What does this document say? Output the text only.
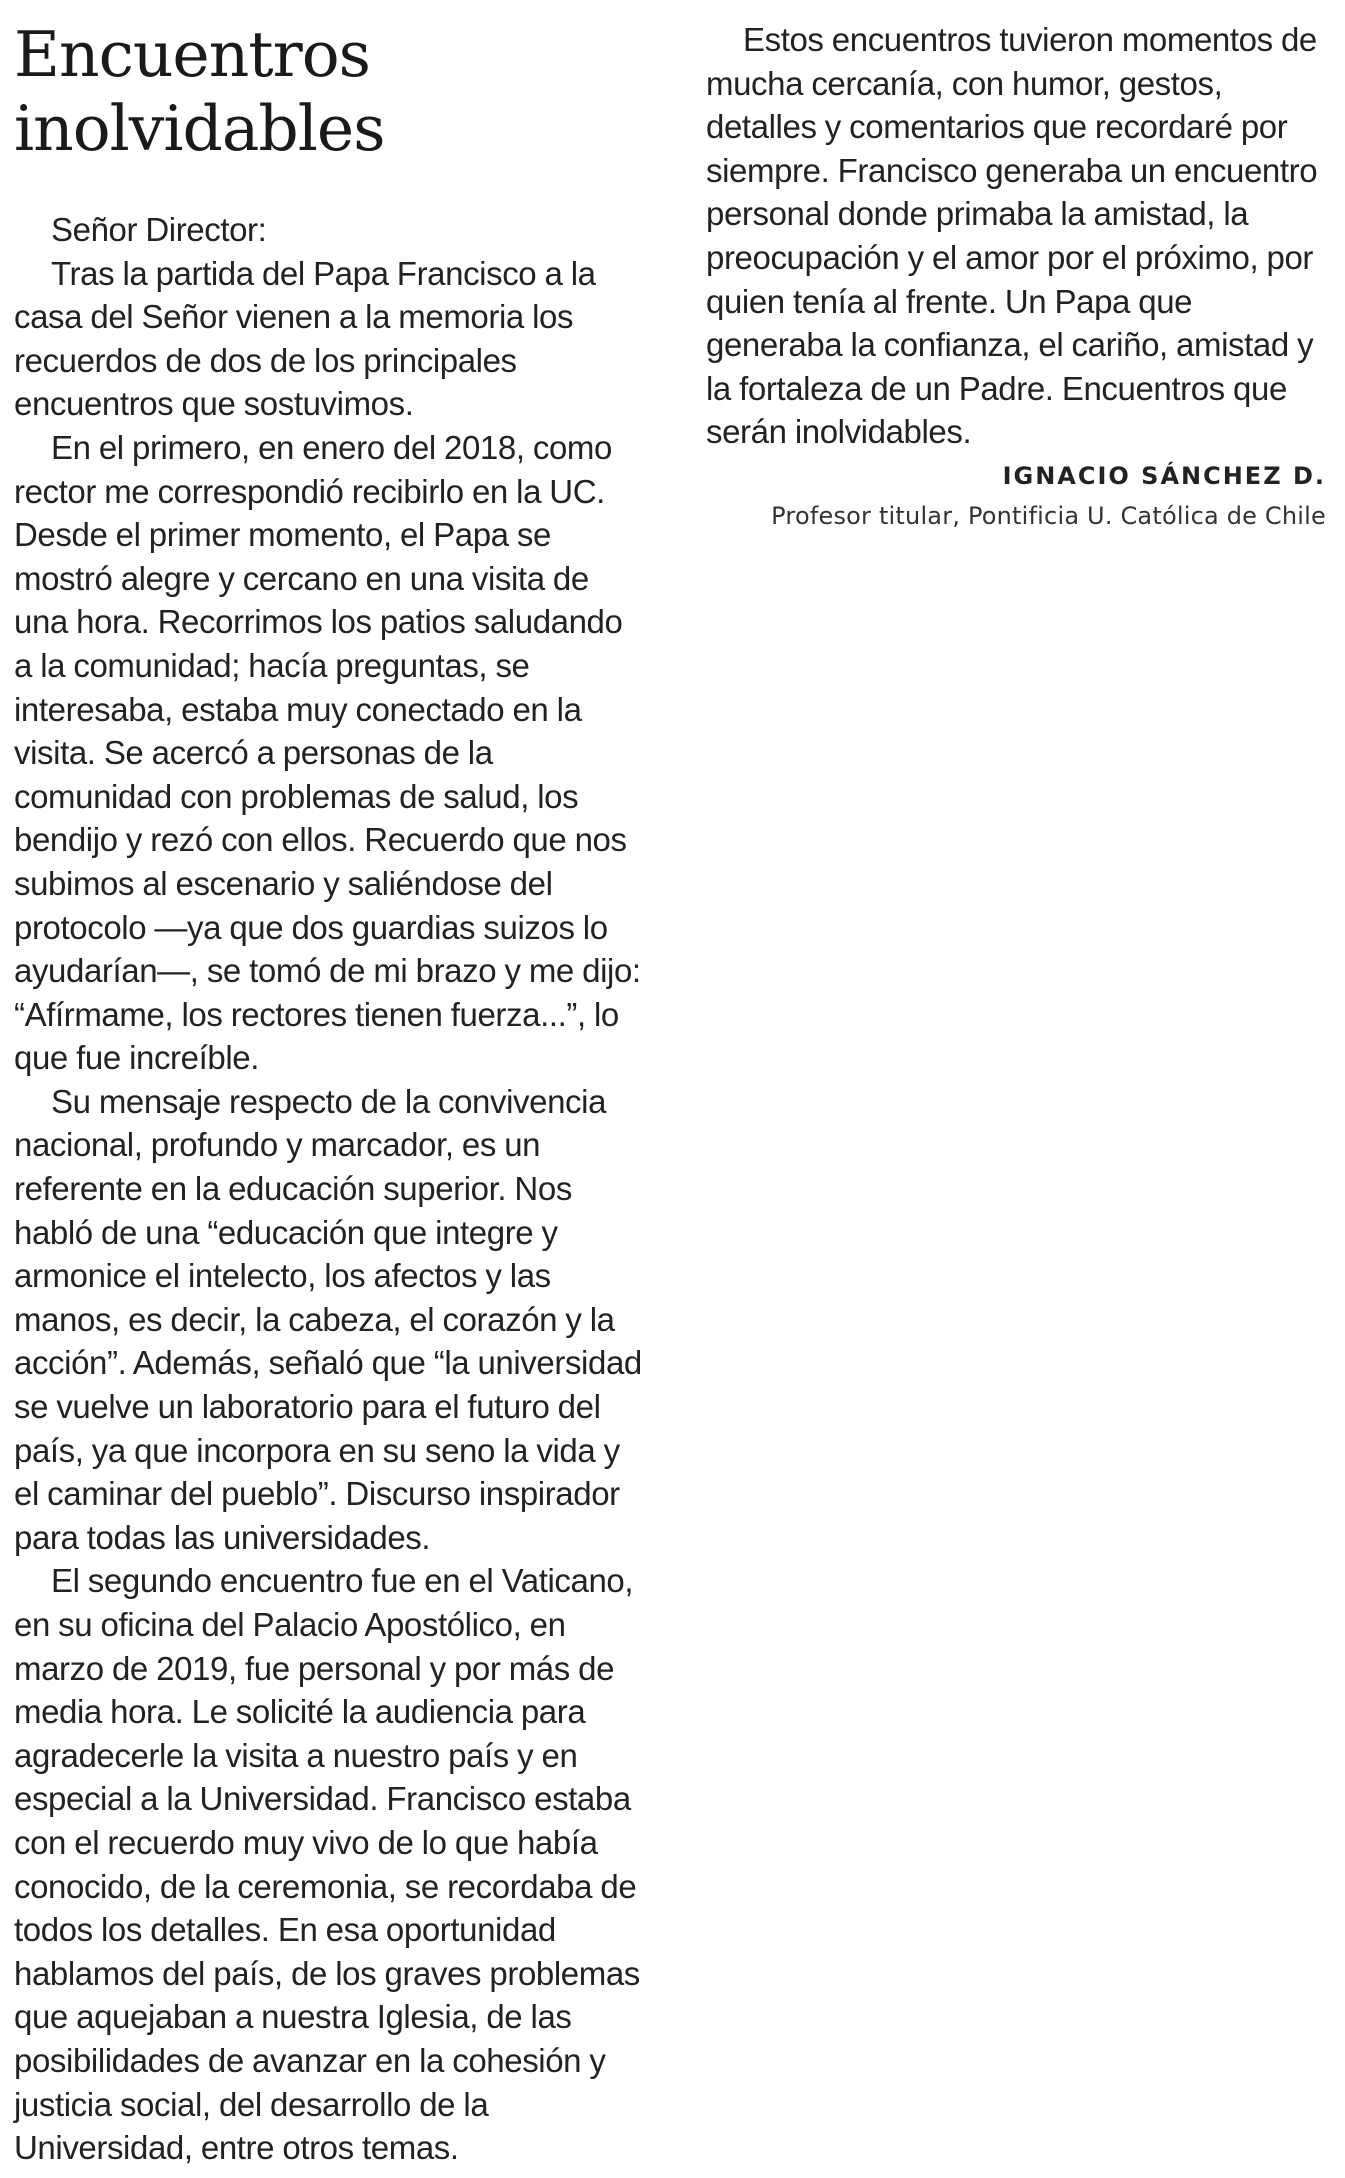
Encuentros
inolvidables

Señor Director:

Tras la partida del Papa Francisco a la casa del Señor vienen a la memoria los recuerdos de dos de los principales encuentros que sostuvimos.

En el primero, en enero del 2018, como rector me correspondió recibirlo en la UC. Desde el primer momento, el Papa se mostró alegre y cercano en una visita de una hora. Recorrimos los patios saludando a la comunidad; hacía preguntas, se interesaba, estaba muy conectado en la visita. Se acercó a personas de la comunidad con problemas de salud, los bendijo y rezó con ellos. Recuerdo que nos subimos al escenario y saliéndose del protocolo —ya que dos guardias suizos lo ayudarían—, se tomó de mi brazo y me dijo: “Afírmame, los rectores tienen fuerza...”, lo que fue increíble.

Su mensaje respecto de la convivencia nacional, profundo y marcador, es un referente en la educación superior. Nos habló de una “educación que integre y armonice el intelecto, los afectos y las manos, es decir, la cabeza, el corazón y la acción”. Además, señaló que “la universidad se vuelve un laboratorio para el futuro del país, ya que incorpora en su seno la vida y el caminar del pueblo”. Discurso inspirador para todas las universidades.

El segundo encuentro fue en el Vaticano, en su oficina del Palacio Apostólico, en marzo de 2019, fue personal y por más de media hora. Le solicité la audiencia para agradecerle la visita a nuestro país y en especial a la Universidad. Francisco estaba con el recuerdo muy vivo de lo que había conocido, de la ceremonia, se recordaba de todos los detalles. En esa oportunidad hablamos del país, de los graves problemas que aquejaban a nuestra Iglesia, de las posibilidades de avanzar en la cohesión y justicia social, del desarrollo de la Universidad, entre otros temas.

Estos encuentros tuvieron momentos de mucha cercanía, con humor, gestos, detalles y comentarios que recordaré por siempre. Francisco generaba un encuentro personal donde primaba la amistad, la preocupación y el amor por el próximo, por quien tenía al frente. Un Papa que generaba la confianza, el cariño, amistad y la fortaleza de un Padre. Encuentros que serán inolvidables.

IGNACIO SÁNCHEZ D.

Profesor titular, Pontificia U. Católica de Chile
